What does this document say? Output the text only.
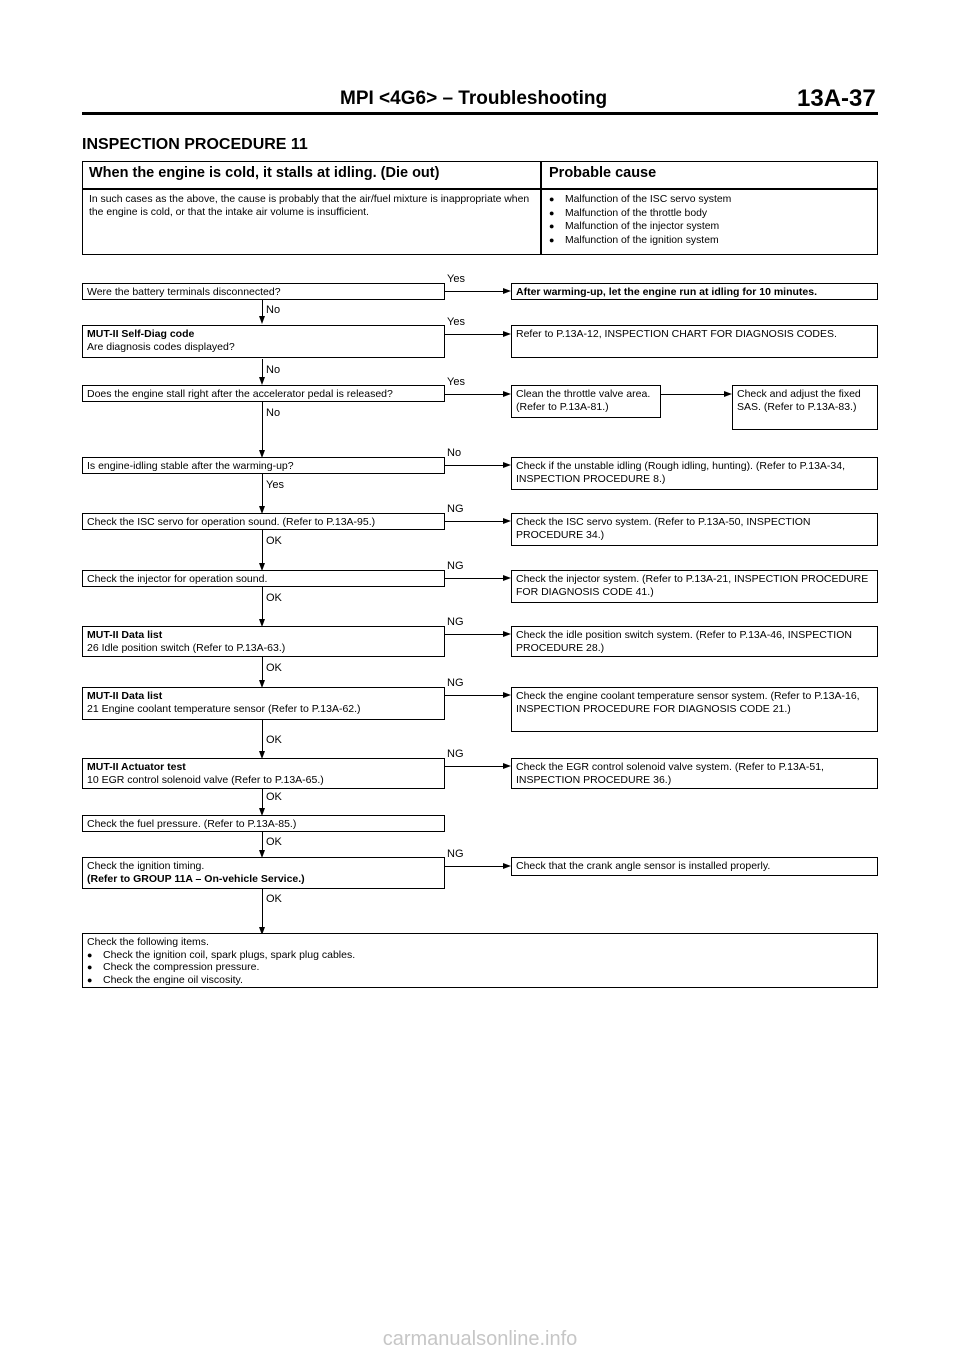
MPI <4G6> – Troubleshooting	13A-37
INSPECTION PROCEDURE 11
When the engine is cold, it stalls at idling. (Die out)	Probable cause
In such cases as the above, the cause is probably that the air/fuel mixture is inappropriate when the engine is cold, or that the intake air volume is insufficient.
● Malfunction of the ISC servo system
● Malfunction of the throttle body
● Malfunction of the injector system
● Malfunction of the ignition system
Were the battery terminals disconnected?
Yes
After warming-up, let the engine run at idling for 10 minutes.
No
MUT-II Self-Diag code
Are diagnosis codes displayed?
Yes
Refer to P.13A-12, INSPECTION CHART FOR DIAGNOSIS CODES.
No
Does the engine stall right after the accelerator pedal is released?
Yes
Clean the throttle valve area. (Refer to P.13A-81.)
Check and adjust the fixed SAS. (Refer to P.13A-83.)
No
Is engine-idling stable after the warming-up?
No
Check if the unstable idling (Rough idling, hunting). (Refer to P.13A-34, INSPECTION PROCEDURE 8.)
Yes
Check the ISC servo for operation sound. (Refer to P.13A-95.)
NG
Check the ISC servo system. (Refer to P.13A-50, INSPECTION PROCEDURE 34.)
OK
Check the injector for operation sound.
NG
Check the injector system. (Refer to P.13A-21, INSPECTION PROCEDURE FOR DIAGNOSIS CODE 41.)
OK
MUT-II Data list
26 Idle position switch (Refer to P.13A-63.)
NG
Check the idle position switch system. (Refer to P.13A-46, INSPECTION PROCEDURE 28.)
OK
MUT-II Data list
21 Engine coolant temperature sensor (Refer to P.13A-62.)
NG
Check the engine coolant temperature sensor system. (Refer to P.13A-16, INSPECTION PROCEDURE FOR DIAGNOSIS CODE 21.)
OK
MUT-II Actuator test
10 EGR control solenoid valve (Refer to P.13A-65.)
NG
Check the EGR control solenoid valve system. (Refer to P.13A-51, INSPECTION PROCEDURE 36.)
OK
Check the fuel pressure. (Refer to P.13A-85.)
OK
Check the ignition timing.
(Refer to GROUP 11A – On-vehicle Service.)
NG
Check that the crank angle sensor is installed properly.
OK
Check the following items.
● Check the ignition coil, spark plugs, spark plug cables.
● Check the compression pressure.
● Check the engine oil viscosity.
carmanualsonline.info
